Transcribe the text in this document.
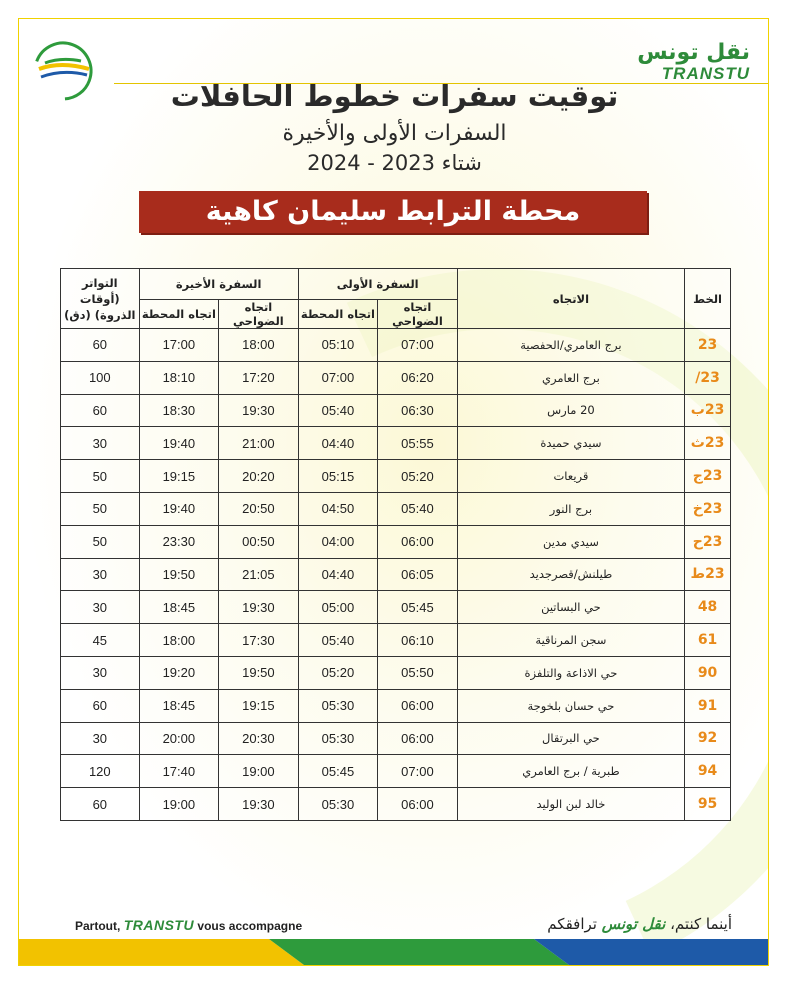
نقل تونس
TRANSTU
توقيت سفرات خطوط الحافلات
السفرات الأولى والأخيرة
شتاء 2023 - 2024
محطة الترابط سليمان كاهية
الخط	الاتجاه	السفرة الأولى		السفرة الأخيرة		التواتر (أوقات الذروة) (دق)
		اتجاه الضواحي	اتجاه المحطة	اتجاه الضواحي	اتجاه المحطة	
23	برج العامري/الحفصية	07:00	05:10	18:00	17:00	60
23/	برج العامري	06:20	07:00	17:20	18:10	100
23ب	20 مارس	06:30	05:40	19:30	18:30	60
23ث	سيدي حميدة	05:55	04:40	21:00	19:40	30
23ج	قريعات	05:20	05:15	20:20	19:15	50
23خ	برج النور	05:40	04:50	20:50	19:40	50
23ح	سيدي مدين	06:00	04:00	00:50	23:30	50
23ط	طيلنش/قصرجديد	06:05	04:40	21:05	19:50	30
48	حي البساتين	05:45	05:00	19:30	18:45	30
61	سجن المرناقية	06:10	05:40	17:30	18:00	45
90	حي الاذاعة والتلفزة	05:50	05:20	19:50	19:20	30
91	حي حسان بلخوجة	06:00	05:30	19:15	18:45	60
92	حي البرتقال	06:00	05:30	20:30	20:00	30
94	طبرية / برج العامري	07:00	05:45	19:00	17:40	120
95	خالد لبن الوليد	06:00	05:30	19:30	19:00	60
Partout, TRANSTU vous accompagne	أينما كنتم، نقل تونس ترافقكم
